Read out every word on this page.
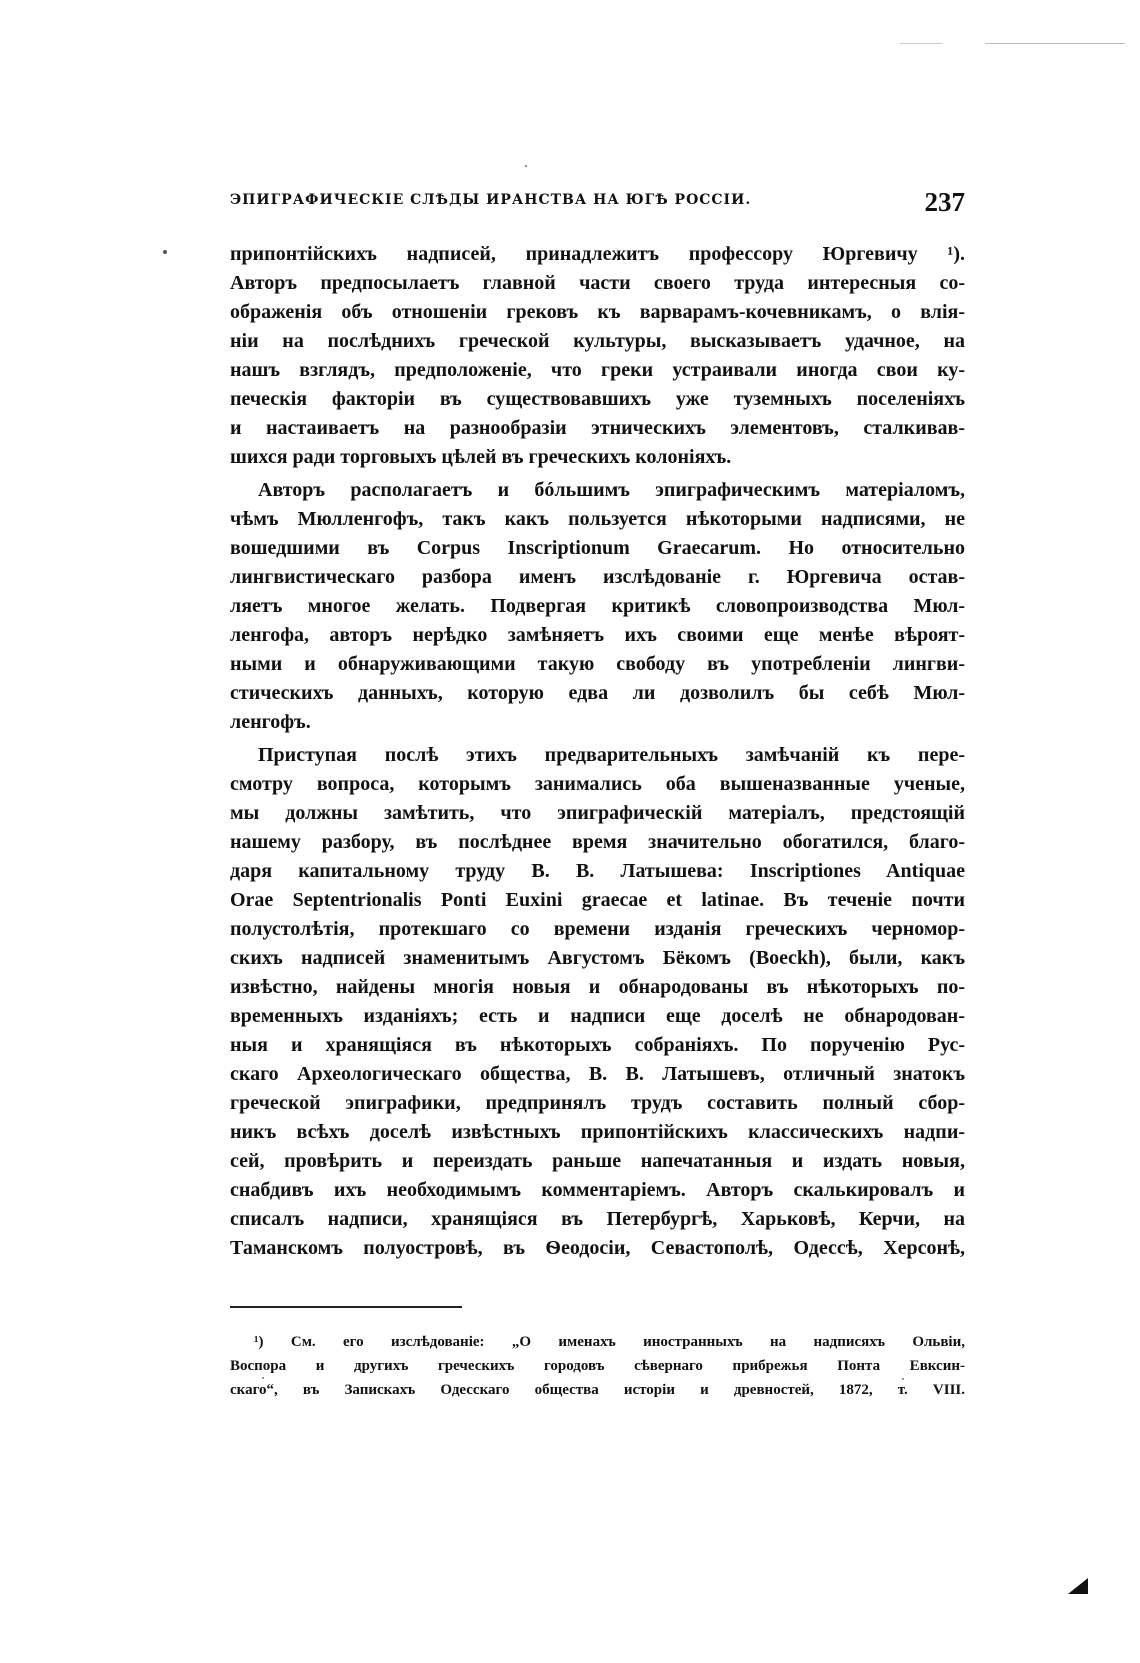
ЭПИГРАФИЧЕСКІЕ СЛѢДЫ ИРАНСТВА НА ЮГѢ РОССІИ.	237

припонтійскихъ надписей, принадлежитъ профессору Юргевичу ¹).
Авторъ предпосылаетъ главной части своего труда интересныя со-
ображенія объ отношеніи грековъ къ варварамъ-кочевникамъ, о влія-
ніи на послѣднихъ греческой культуры, высказываетъ удачное, на
нашъ взглядъ, предположеніе, что греки устраивали иногда свои ку-
печескія факторіи въ существовавшихъ уже туземныхъ поселеніяхъ
и настаиваетъ на разнообразіи этническихъ элементовъ, сталкивав-
шихся ради торговыхъ цѣлей въ греческихъ колоніяхъ.

Авторъ располагаетъ и бóльшимъ эпиграфическимъ матеріаломъ,
чѣмъ Мюлленгофъ, такъ какъ пользуется нѣкоторыми надписями, не
вошедшими въ Corpus Inscriptionum Graecarum. Но относительно
лингвистическаго разбора именъ изслѣдованіе г. Юргевича остав-
ляетъ многое желать. Подвергая критикѣ словопроизводства Мюл-
ленгофа, авторъ нерѣдко замѣняетъ ихъ своими еще менѣе вѣроят-
ными и обнаруживающими такую свободу въ употребленіи лингви-
стическихъ данныхъ, которую едва ли дозволилъ бы себѣ Мюл-
ленгофъ.

Приступая послѣ этихъ предварительныхъ замѣчаній къ пере-
смотру вопроса, которымъ занимались оба вышеназванные ученые,
мы должны замѣтить, что эпиграфическій матеріалъ, предстоящій
нашему разбору, въ послѣднее время значительно обогатился, благо-
даря капитальному труду В. В. Латышева: Inscriptiones Antiquae
Orae Septentrionalis Ponti Euxini graecae et latinae. Въ теченіе почти
полустолѣтія, протекшаго со времени изданія греческихъ черномор-
скихъ надписей знаменитымъ Августомъ Бёкомъ (Boeckh), были, какъ
извѣстно, найдены многія новыя и обнародованы въ нѣкоторыхъ по-
временныхъ изданіяхъ; есть и надписи еще доселѣ не обнародован-
ныя и хранящіяся въ нѣкоторыхъ собраніяхъ. По порученію Рус-
скаго Археологическаго общества, В. В. Латышевъ, отличный знатокъ
греческой эпиграфики, предпринялъ трудъ составить полный сбор-
никъ всѣхъ доселѣ извѣстныхъ припонтійскихъ классическихъ надпи-
сей, провѣрить и переиздать раньше напечатанныя и издать новыя,
снабдивъ ихъ необходимымъ комментаріемъ. Авторъ скалькировалъ и
списалъ надписи, хранящіяся въ Петербургѣ, Харьковѣ, Керчи, на
Таманскомъ полуостровѣ, въ Ѳеодосіи, Севастополѣ, Одессѣ, Херсонѣ,

¹) См. его изслѣдованіе: „О именахъ иностранныхъ на надписяхъ Ольвіи,
Воспора и другихъ греческихъ городовъ сѣвернаго прибрежья Понта Евксин-
скаго“, въ Запискахъ Одесскаго общества исторіи и древностей, 1872, т. VIII.
